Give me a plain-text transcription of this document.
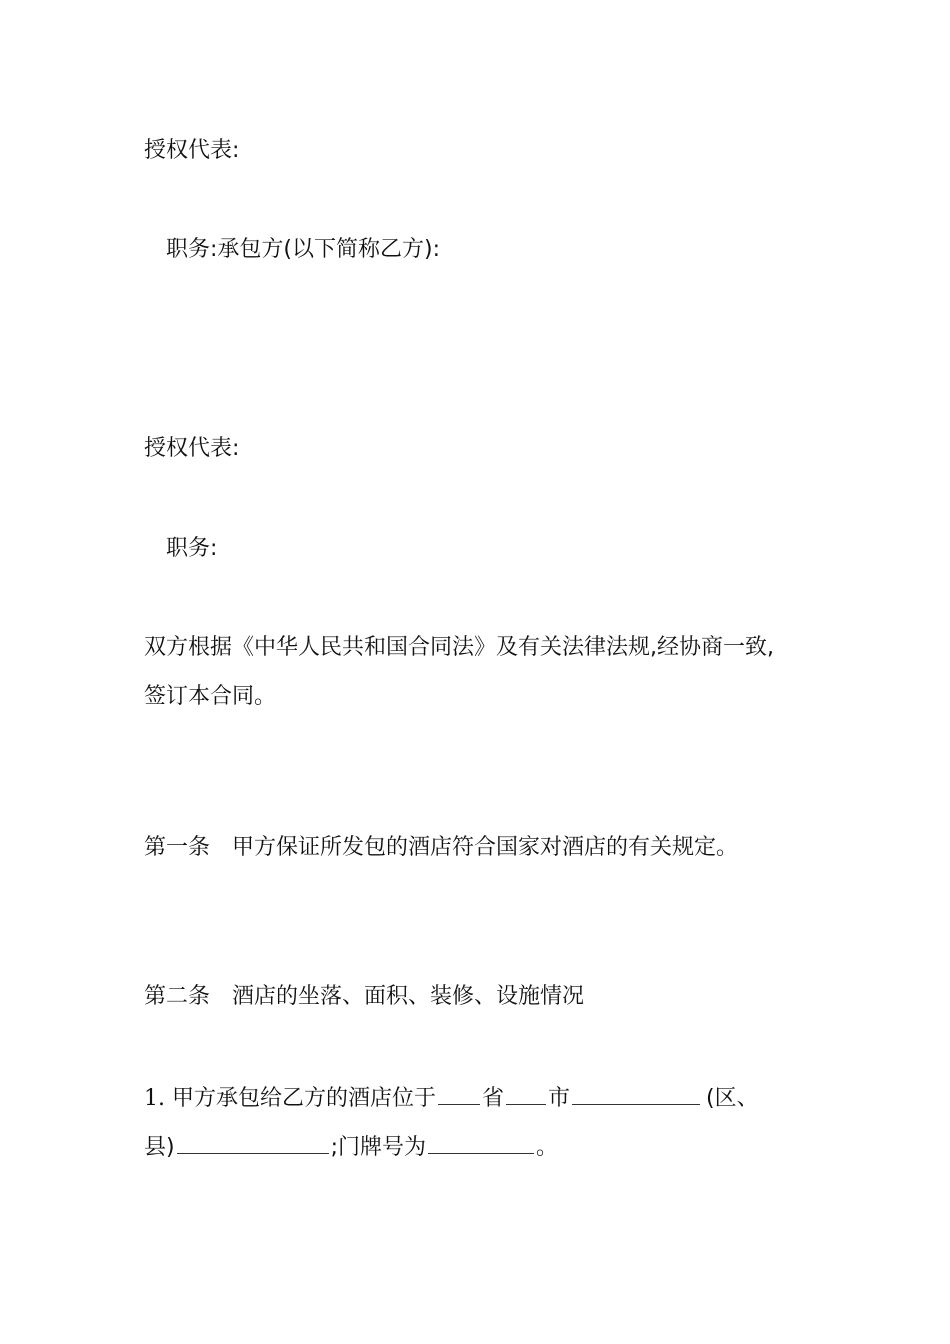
授权代表:
职务:承包方(以下简称乙方):
授权代表:
职务:
双方根据《中华人民共和国合同法》及有关法律法规,经协商一致,
签订本合同。
第一条　甲方保证所发包的酒店符合国家对酒店的有关规定。
第二条　酒店的坐落、面积、装修、设施情况
1. 甲方承包给乙方的酒店位于 省 市	(区、
县)	;门牌号为	。
